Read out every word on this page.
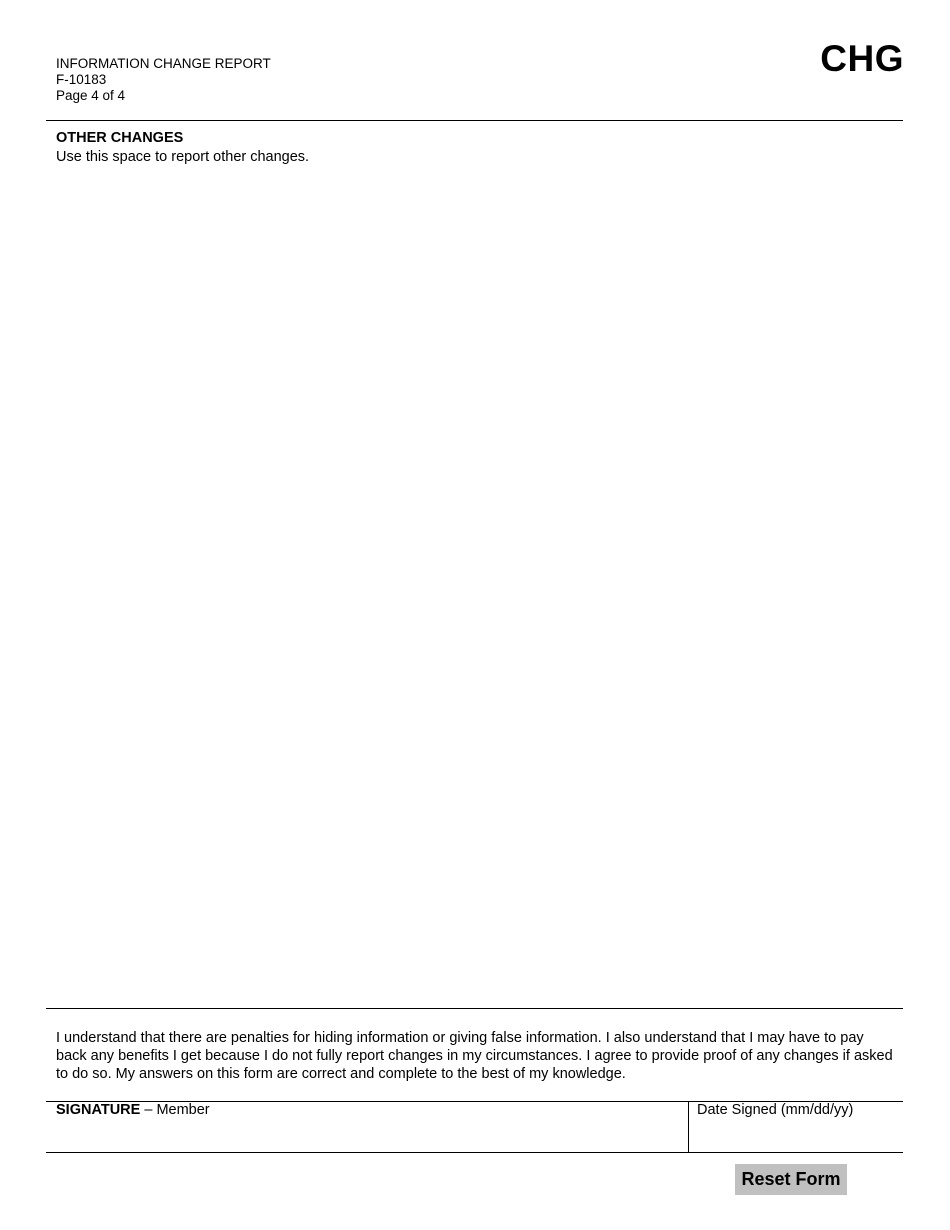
INFORMATION CHANGE REPORT
F-10183
Page 4 of 4
CHG
OTHER CHANGES
Use this space to report other changes.
I understand that there are penalties for hiding information or giving false information. I also understand that I may have to pay back any benefits I get because I do not fully report changes in my circumstances. I agree to provide proof of any changes if asked to do so. My answers on this form are correct and complete to the best of my knowledge.
SIGNATURE – Member	Date Signed (mm/dd/yy)
Reset Form
